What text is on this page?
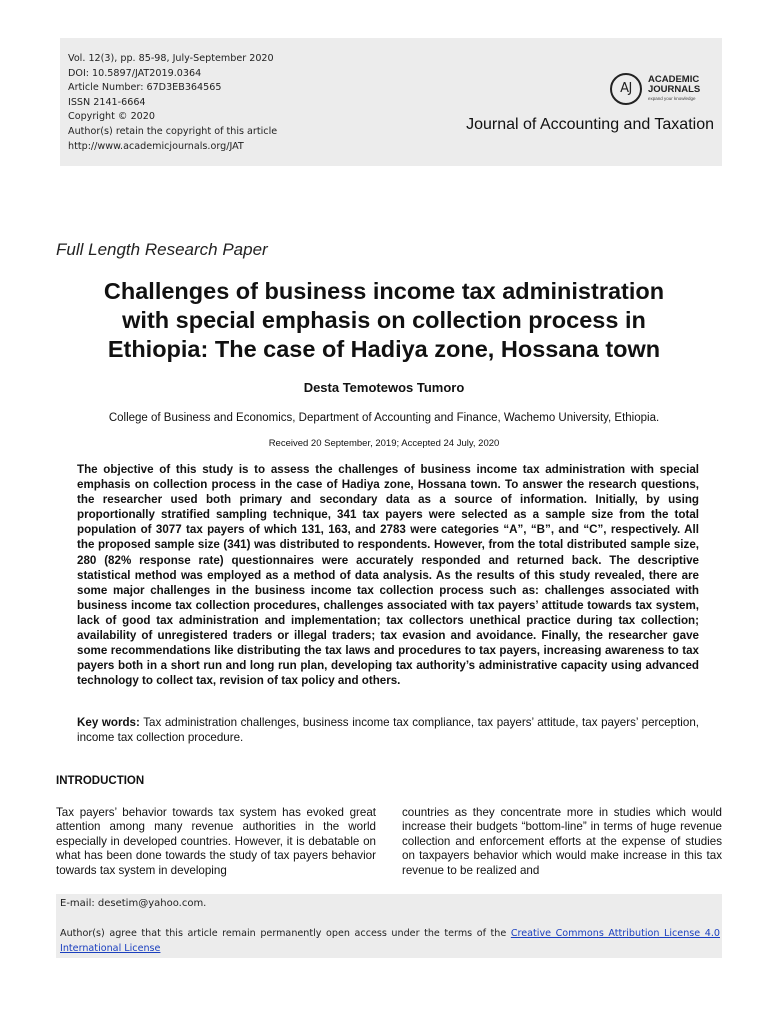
Vol. 12(3), pp. 85-98, July-September 2020
DOI: 10.5897/JAT2019.0364
Article Number: 67D3EB364565
ISSN 2141-6664
Copyright © 2020
Author(s) retain the copyright of this article
http://www.academicjournals.org/JAT
AJ
ACADEMIC
JOURNALS
expand your knowledge
Journal of Accounting and Taxation
Full Length Research Paper
Challenges of business income tax administration
with special emphasis on collection process in
Ethiopia: The case of Hadiya zone, Hossana town
Desta Temotewos Tumoro
College of Business and Economics, Department of Accounting and Finance, Wachemo University, Ethiopia.
Received 20 September, 2019; Accepted 24 July, 2020
The objective of this study is to assess the challenges of business income tax administration with special emphasis on collection process in the case of Hadiya zone, Hossana town. To answer the research questions, the researcher used both primary and secondary data as a source of information. Initially, by using proportionally stratified sampling technique, 341 tax payers were selected as a sample size from the total population of 3077 tax payers of which 131, 163, and 2783 were categories “A”, “B”, and “C”, respectively. All the proposed sample size (341) was distributed to respondents. However, from the total distributed sample size, 280 (82% response rate) questionnaires were accurately responded and returned back. The descriptive statistical method was employed as a method of data analysis. As the results of this study revealed, there are some major challenges in the business income tax collection process such as: challenges associated with business income tax collection procedures, challenges associated with tax payers’ attitude towards tax system, lack of good tax administration and implementation; tax collectors unethical practice during tax collection; availability of unregistered traders or illegal traders; tax evasion and avoidance. Finally, the researcher gave some recommendations like distributing the tax laws and procedures to tax payers, increasing awareness to tax payers both in a short run and long run plan, developing tax authority’s administrative capacity using advanced technology to collect tax, revision of tax policy and others.
Key words: Tax administration challenges, business income tax compliance, tax payers’ attitude, tax payers’ perception, income tax collection procedure.
INTRODUCTION
Tax payers’ behavior towards tax system has evoked great attention among many revenue authorities in the world especially in developed countries. However, it is debatable on what has been done towards the study of tax payers behavior towards tax system in developing
countries as they concentrate more in studies which would increase their budgets “bottom-line” in terms of huge revenue collection and enforcement efforts at the expense of studies on taxpayers behavior which would make increase in this tax revenue to be realized and
E-mail: desetim@yahoo.com.
Author(s) agree that this article remain permanently open access under the terms of the Creative Commons Attribution License 4.0 International License
